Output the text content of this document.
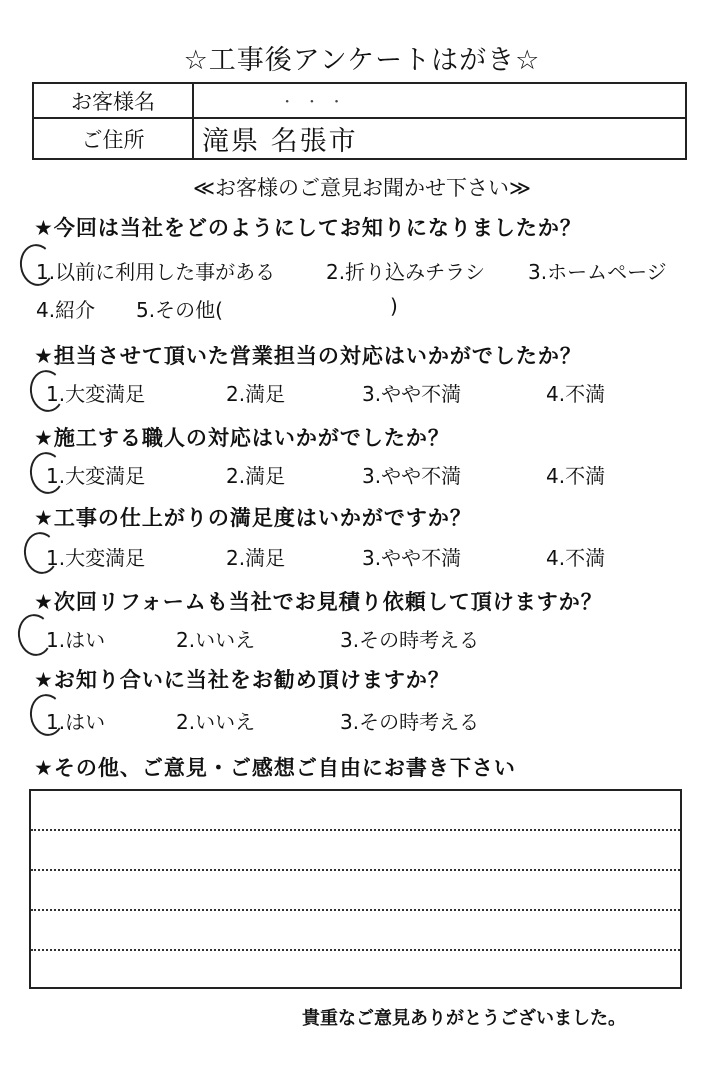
☆工事後アンケートはがき☆
お客様名	· · ·
ご住所	滝県 名張市
≪お客様のご意見お聞かせ下さい≫
★今回は当社をどのようにしてお知りになりましたか？
1.以前に利用した事がある	2.折り込みチラシ 3.ホームページ
4.紹介 5.その他(	)
★担当させて頂いた営業担当の対応はいかがでしたか？
1.大変満足	2.満足	3.やや不満	4.不満
★施工する職人の対応はいかがでしたか？
1.大変満足	2.満足	3.やや不満	4.不満
★工事の仕上がりの満足度はいかがですか？
1.大変満足	2.満足	3.やや不満	4.不満
★次回リフォームも当社でお見積り依頼して頂けますか？
1.はい	2.いいえ	3.その時考える
★お知り合いに当社をお勧め頂けますか？
1.はい	2.いいえ	3.その時考える
★その他、ご意見・ご感想ご自由にお書き下さい
貴重なご意見ありがとうございました。
